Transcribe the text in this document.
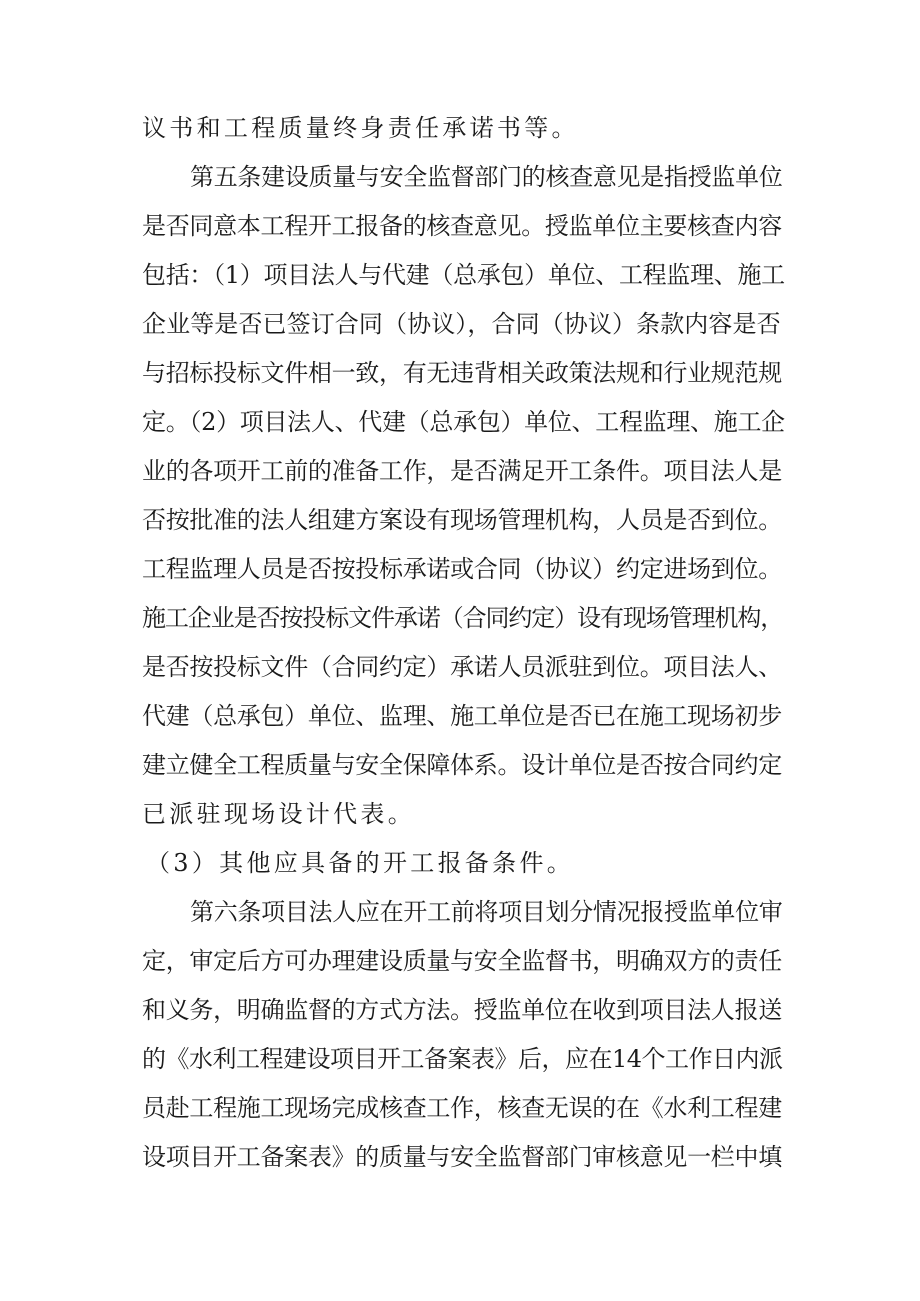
议书和工程质量终身责任承诺书等。
第五条建设质量与安全监督部门的核查意见是指授监单位
是否同意本工程开工报备的核查意见。授监单位主要核查内容
包括：（1）项目法人与代建（总承包）单位、工程监理、施工
企业等是否已签订合同（协议），合同（协议）条款内容是否
与招标投标文件相一致，有无违背相关政策法规和行业规范规
定。（2）项目法人、代建（总承包）单位、工程监理、施工企
业的各项开工前的准备工作，是否满足开工条件。项目法人是
否按批准的法人组建方案设有现场管理机构，人员是否到位。
工程监理人员是否按投标承诺或合同（协议）约定进场到位。
施工企业是否按投标文件承诺（合同约定）设有现场管理机构，
是否按投标文件（合同约定）承诺人员派驻到位。项目法人、
代建（总承包）单位、监理、施工单位是否已在施工现场初步
建立健全工程质量与安全保障体系。设计单位是否按合同约定
已派驻现场设计代表。
（3）其他应具备的开工报备条件。
第六条项目法人应在开工前将项目划分情况报授监单位审
定，审定后方可办理建设质量与安全监督书，明确双方的责任
和义务，明确监督的方式方法。授监单位在收到项目法人报送
的《水利工程建设项目开工备案表》后，应在14个工作日内派
员赴工程施工现场完成核查工作，核查无误的在《水利工程建
设项目开工备案表》的质量与安全监督部门审核意见一栏中填
